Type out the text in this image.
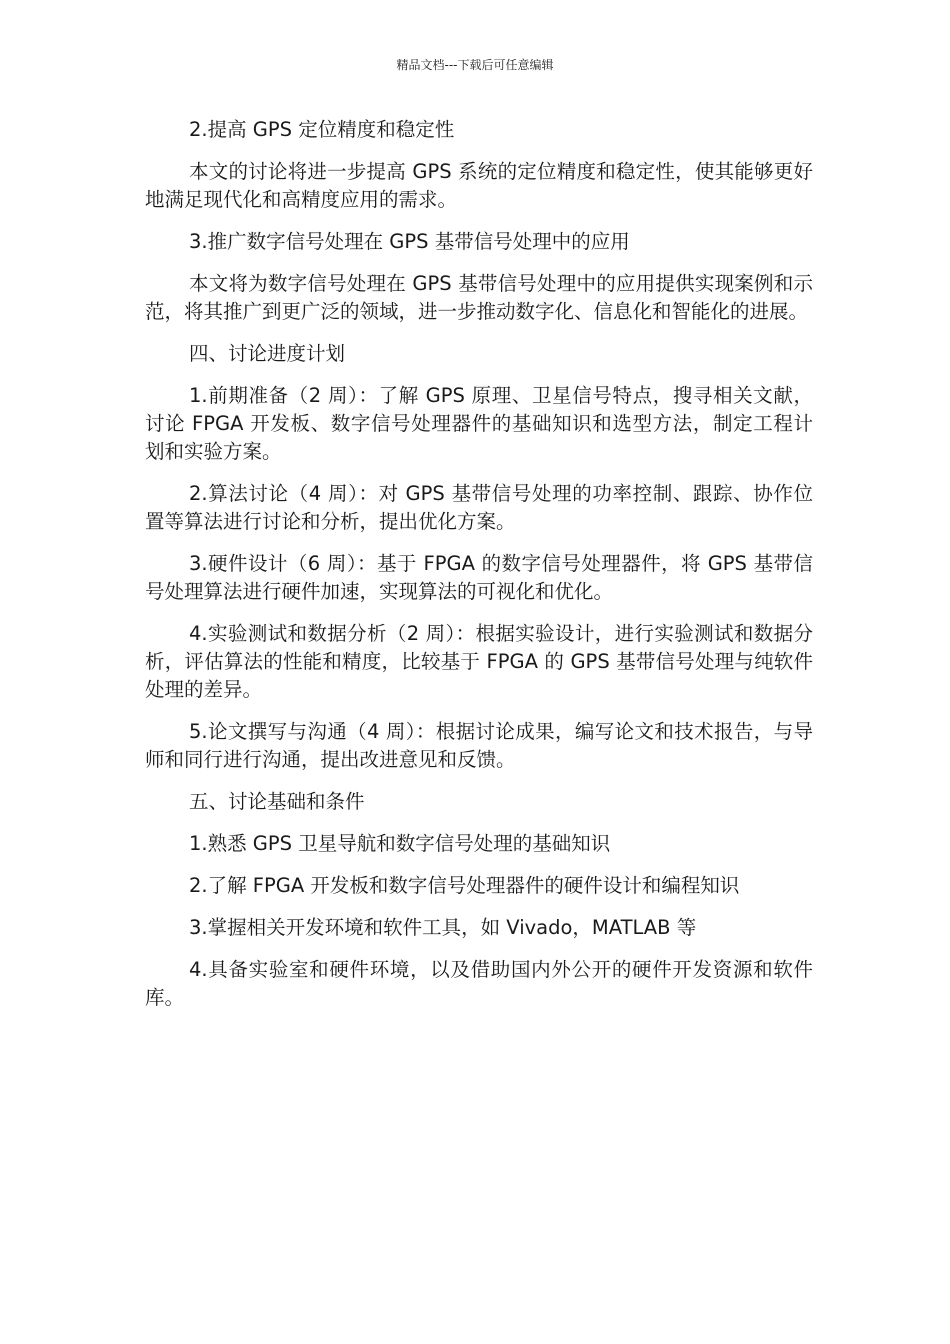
精品文档---下载后可任意编辑

2.提高 GPS 定位精度和稳定性

本文的讨论将进一步提高 GPS 系统的定位精度和稳定性，使其能够更好地满足现代化和高精度应用的需求。

3.推广数字信号处理在 GPS 基带信号处理中的应用

本文将为数字信号处理在 GPS 基带信号处理中的应用提供实现案例和示范，将其推广到更广泛的领域，进一步推动数字化、信息化和智能化的进展。

四、讨论进度计划

1.前期准备（2 周）：了解 GPS 原理、卫星信号特点，搜寻相关文献，讨论 FPGA 开发板、数字信号处理器件的基础知识和选型方法，制定工程计划和实验方案。

2.算法讨论（4 周）：对 GPS 基带信号处理的功率控制、跟踪、协作位置等算法进行讨论和分析，提出优化方案。

3.硬件设计（6 周）：基于 FPGA 的数字信号处理器件，将 GPS 基带信号处理算法进行硬件加速，实现算法的可视化和优化。

4.实验测试和数据分析（2 周）：根据实验设计，进行实验测试和数据分析，评估算法的性能和精度，比较基于 FPGA 的 GPS 基带信号处理与纯软件处理的差异。

5.论文撰写与沟通（4 周）：根据讨论成果，编写论文和技术报告，与导师和同行进行沟通，提出改进意见和反馈。

五、讨论基础和条件

1.熟悉 GPS 卫星导航和数字信号处理的基础知识

2.了解 FPGA 开发板和数字信号处理器件的硬件设计和编程知识

3.掌握相关开发环境和软件工具，如 Vivado，MATLAB 等

4.具备实验室和硬件环境，以及借助国内外公开的硬件开发资源和软件库。
